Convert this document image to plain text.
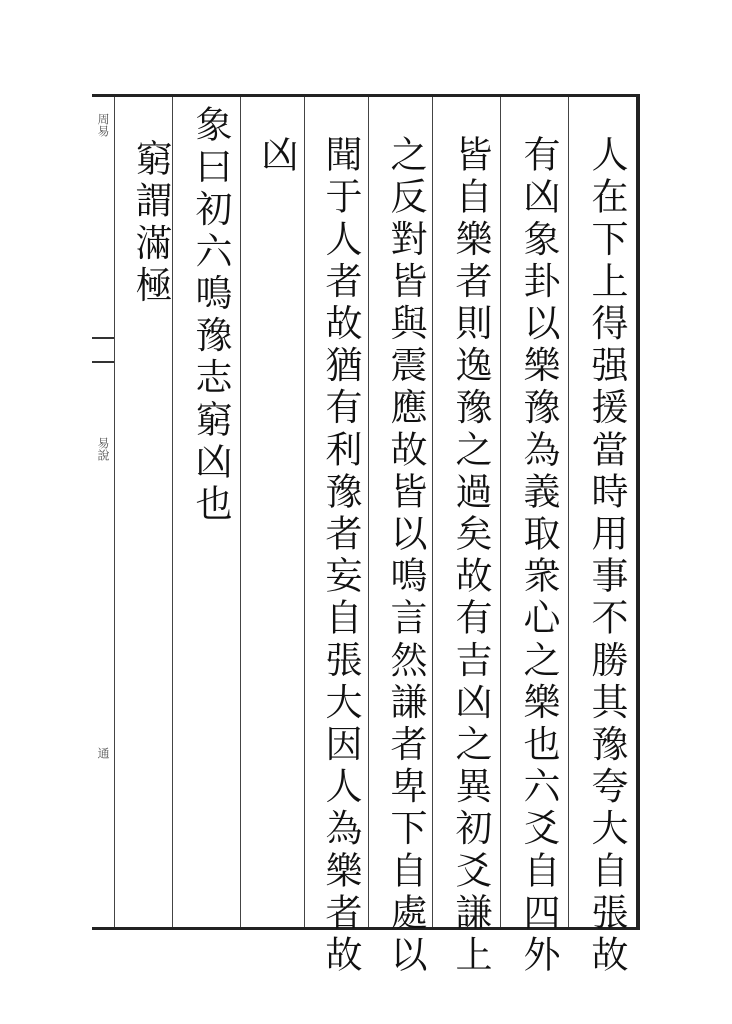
周易
易說
通	人在下上得强援當時用事不勝其豫夸大自張故
有凶象卦以樂豫為義取衆心之樂也六爻自四外
皆自樂者則逸豫之過矣故有吉凶之異初爻謙上
之反對皆與震應故皆以鳴言然謙者卑下自處以
聞于人者故猶有利豫者妄自張大因人為樂者故
凶
象曰初六鳴豫志窮凶也
窮謂滿極
